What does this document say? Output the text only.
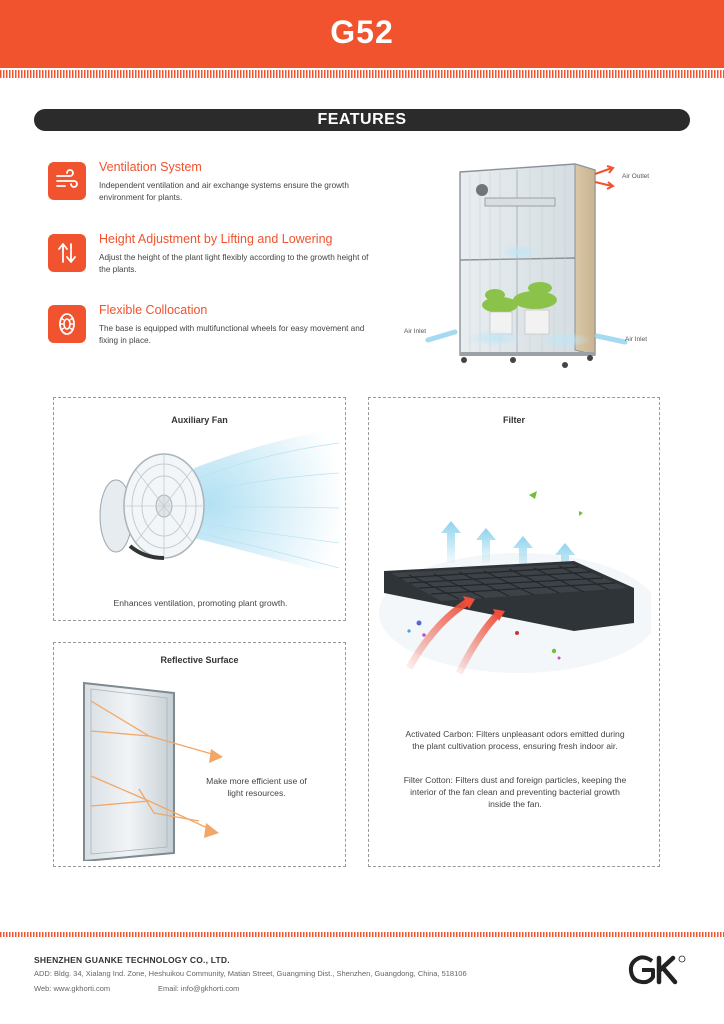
G52
FEATURES
Ventilation System
Independent ventilation and air exchange systems ensure the growth environment for plants.
Height Adjustment by Lifting and Lowering
Adjust the height of the plant light flexibly according to the growth height of the plants.
Flexible Collocation
The base is equipped with multifunctional wheels for easy movement and fixing in place.
Air Outlet
Air Inlet
Air Inlet
Auxiliary Fan
Enhances ventilation, promoting plant growth.
Filter
Activated Carbon: Filters unpleasant odors emitted during the plant cultivation process, ensuring fresh indoor air.
Filter Cotton: Filters dust and foreign particles, keeping the interior of the fan clean and preventing bacterial growth inside the fan.
Reflective Surface
Make more efficient use of light resources.
SHENZHEN GUANKE TECHNOLOGY CO., LTD.
ADD: Bldg. 34, Xialang Ind. Zone, Heshuikou Community, Matian Street, Guangming Dist., Shenzhen, Guangdong, China, 518106
Web: www.gkhorti.com	Email: info@gkhorti.com
